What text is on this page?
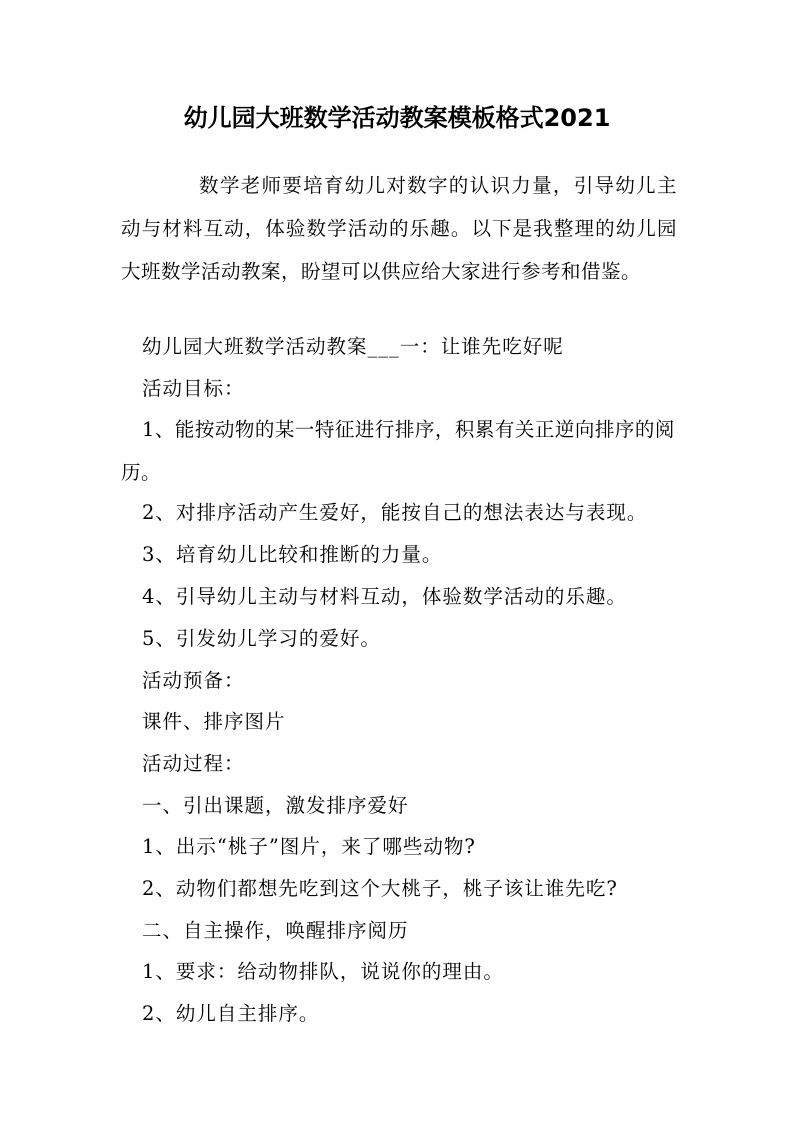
幼儿园大班数学活动教案模板格式2021

数学老师要培育幼儿对数字的认识力量，引导幼儿主动与材料互动，体验数学活动的乐趣。以下是我整理的幼儿园大班数学活动教案，盼望可以供应给大家进行参考和借鉴。

幼儿园大班数学活动教案___一：让谁先吃好呢
活动目标：
1、能按动物的某一特征进行排序，积累有关正逆向排序的阅历。
2、对排序活动产生爱好，能按自己的想法表达与表现。
3、培育幼儿比较和推断的力量。
4、引导幼儿主动与材料互动，体验数学活动的乐趣。
5、引发幼儿学习的爱好。
活动预备：
课件、排序图片
活动过程：
一、引出课题，激发排序爱好
1、出示“桃子”图片，来了哪些动物?
2、动物们都想先吃到这个大桃子，桃子该让谁先吃?
二、自主操作，唤醒排序阅历
1、要求：给动物排队，说说你的理由。
2、幼儿自主排序。
